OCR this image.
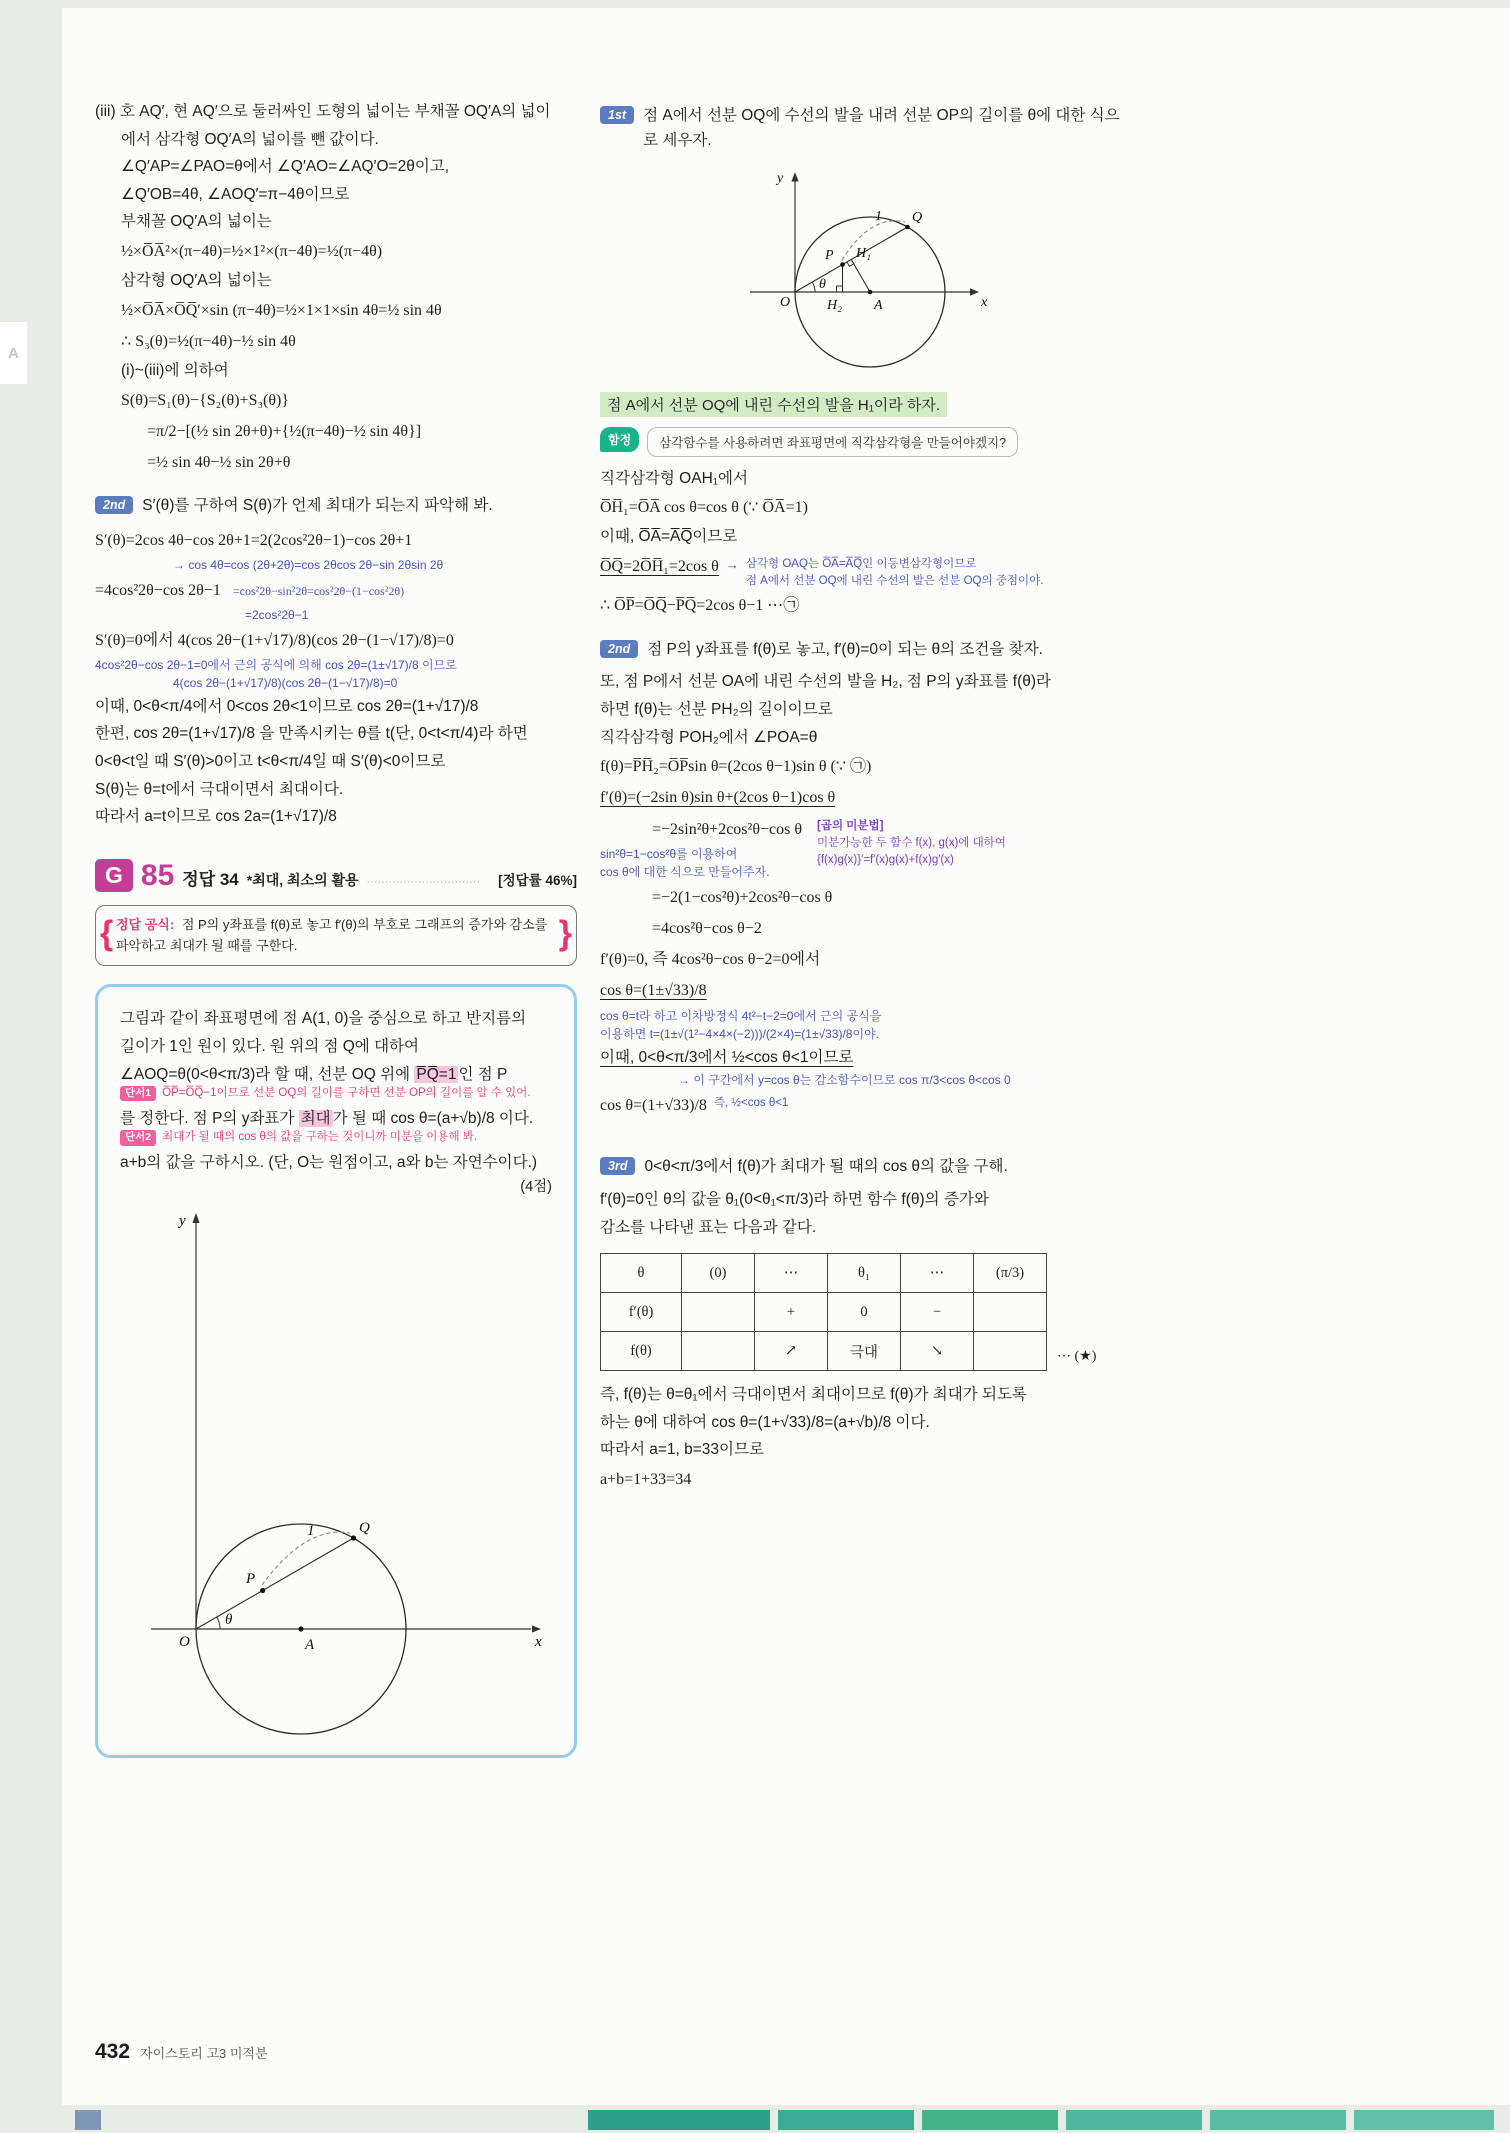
A
(iii) 호 AQ′, 현 AQ′으로 둘러싸인 도형의 넓이는 부채꼴 OQ′A의 넓이
에서 삼각형 OQ′A의 넓이를 뺀 값이다.
∠Q′AP=∠PAO=θ에서 ∠Q′AO=∠AQ′O=2θ이고,
∠Q′OB=4θ, ∠AOQ′=π−4θ이므로
부채꼴 OQ′A의 넓이는
½×O̅A̅²×(π−4θ)=½×1²×(π−4θ)=½(π−4θ)
삼각형 OQ′A의 넓이는
½×O̅A̅×O̅Q̅′×sin (π−4θ)=½×1×1×sin 4θ=½ sin 4θ
∴ S₃(θ)=½(π−4θ)−½ sin 4θ
(i)~(iii)에 의하여
S(θ)=S₁(θ)−{S₂(θ)+S₃(θ)}
=π/2−[(½ sin 2θ+θ)+{½(π−4θ)−½ sin 4θ}]
=½ sin 4θ−½ sin 2θ+θ
2nd	S′(θ)를 구하여 S(θ)가 언제 최대가 되는지 파악해 봐.
S′(θ)=2cos 4θ−cos 2θ+1=2(2cos²2θ−1)−cos 2θ+1
→ cos 4θ=cos (2θ+2θ)=cos 2θcos 2θ−sin 2θsin 2θ
=4cos²2θ−cos 2θ−1 =cos²2θ−sin²2θ=cos²2θ−(1−cos²2θ)
=2cos²2θ−1
S′(θ)=0에서 4(cos 2θ−(1+√17)/8)(cos 2θ−(1−√17)/8)=0
4cos²2θ−cos 2θ−1=0에서 근의 공식에 의해 cos 2θ=(1±√17)/8 이므로
4(cos 2θ−(1+√17)/8)(cos 2θ−(1−√17)/8)=0
이때, 0<θ<π/4에서 0<cos 2θ<1이므로 cos 2θ=(1+√17)/8
한편, cos 2θ=(1+√17)/8 을 만족시키는 θ를 t(단, 0<t<π/4)라 하면
0<θ<t일 때 S′(θ)>0이고 t<θ<π/4일 때 S′(θ)<0이므로
S(θ)는 θ=t에서 극대이면서 최대이다.
따라서 a=t이므로 cos 2a=(1+√17)/8
G 85 정답 34 *최대, 최소의 활용 ·······························	[정답률 46%]
{	}
정답 공식: 점 P의 y좌표를 f(θ)로 놓고 f′(θ)의 부호로 그래프의 증가와 감소를 파악하고 최대가 될 때를 구한다.
그림과 같이 좌표평면에 점 A(1, 0)을 중심으로 하고 반지름의
길이가 1인 원이 있다. 원 위의 점 Q에 대하여
∠AOQ=θ(0<θ<π/3)라 할 때, 선분 OQ 위에 P̅Q̅=1 인 점 P
단서1 O̅P̅=O̅Q̅−1이므로 선분 OQ의 길이를 구하면 선분 OP의 길이를 알 수 있어.
를 정한다. 점 P의 y좌표가 최대 가 될 때 cos θ=(a+√b)/8 이다.
단서2 최대가 될 때의 cos θ의 값을 구하는 것이니까 미분을 이용해 봐.
a+b의 값을 구하시오. (단, O는 원점이고, a와 b는 자연수이다.)
(4점)
y
x
O
θ
P
Q
A
1
1st	점 A에서 선분 OQ에 수선의 발을 내려 선분 OP의 길이를 θ에 대한 식으로 세우자.
y
x
O
θ
H₂ A
P H₁
Q
1
점 A에서 선분 OQ에 내린 수선의 발을 H₁이라 하자.
함정	삼각함수를 사용하려면 좌표평면에 직각삼각형을 만들어야겠지?
직각삼각형 OAH₁에서
O̅H̅₁=O̅A̅ cos θ=cos θ (∵ O̅A̅=1)
이때, O̅A̅=A̅Q̅이므로
O̅Q̅=2O̅H̅₁=2cos θ → 삼각형 OAQ는 O̅A̅=A̅Q̅인 이등변삼각형이므로
점 A에서 선분 OQ에 내린 수선의 발은 선분 OQ의 중점이야.
∴ O̅P̅=O̅Q̅−P̅Q̅=2cos θ−1 ⋯㉠
2nd	점 P의 y좌표를 f(θ)로 놓고, f′(θ)=0이 되는 θ의 조건을 찾자.
또, 점 P에서 선분 OA에 내린 수선의 발을 H₂, 점 P의 y좌표를 f(θ)라
하면 f(θ)는 선분 PH₂의 길이이므로
직각삼각형 POH₂에서 ∠POA=θ
f(θ)=P̅H̅₂=O̅P̅sin θ=(2cos θ−1)sin θ (∵ ㉠)
f′(θ)=(−2sin θ)sin θ+(2cos θ−1)cos θ
=−2sin²θ+2cos²θ−cos θ
sin²θ=1−cos²θ를 이용하여
cos θ에 대한 식으로 만들어주자.
[곱의 미분법]
미분가능한 두 함수 f(x), g(x)에 대하여
{f(x)g(x)}′=f′(x)g(x)+f(x)g′(x)
=−2(1−cos²θ)+2cos²θ−cos θ
=4cos²θ−cos θ−2
f′(θ)=0, 즉 4cos²θ−cos θ−2=0에서
cos θ=(1±√33)/8
cos θ=t라 하고 이차방정식 4t²−t−2=0에서 근의 공식을
이용하면 t=(1±√(1²−4×4×(−2)))/(2×4)=(1±√33)/8이야.
이때, 0<θ<π/3에서 ½<cos θ<1이므로
→ 이 구간에서 y=cos θ는 감소함수이므로 cos π/3<cos θ<cos 0
cos θ=(1+√33)/8 즉, ½<cos θ<1
3rd	0<θ<π/3에서 f(θ)가 최대가 될 때의 cos θ의 값을 구해.
f′(θ)=0인 θ의 값을 θ₁(0<θ₁<π/3)라 하면 함수 f(θ)의 증가와
감소를 나타낸 표는 다음과 같다.
θ	(0)	⋯	θ₁	⋯	(π/3)
f′(θ)		+	0	−	
f(θ)		↗	극대	↘		⋯ (★)
즉, f(θ)는 θ=θ₁에서 극대이면서 최대이므로 f(θ)가 최대가 되도록
하는 θ에 대하여 cos θ=(1+√33)/8=(a+√b)/8 이다.
따라서 a=1, b=33이므로
a+b=1+33=34
432 자이스토리 고3 미적분
